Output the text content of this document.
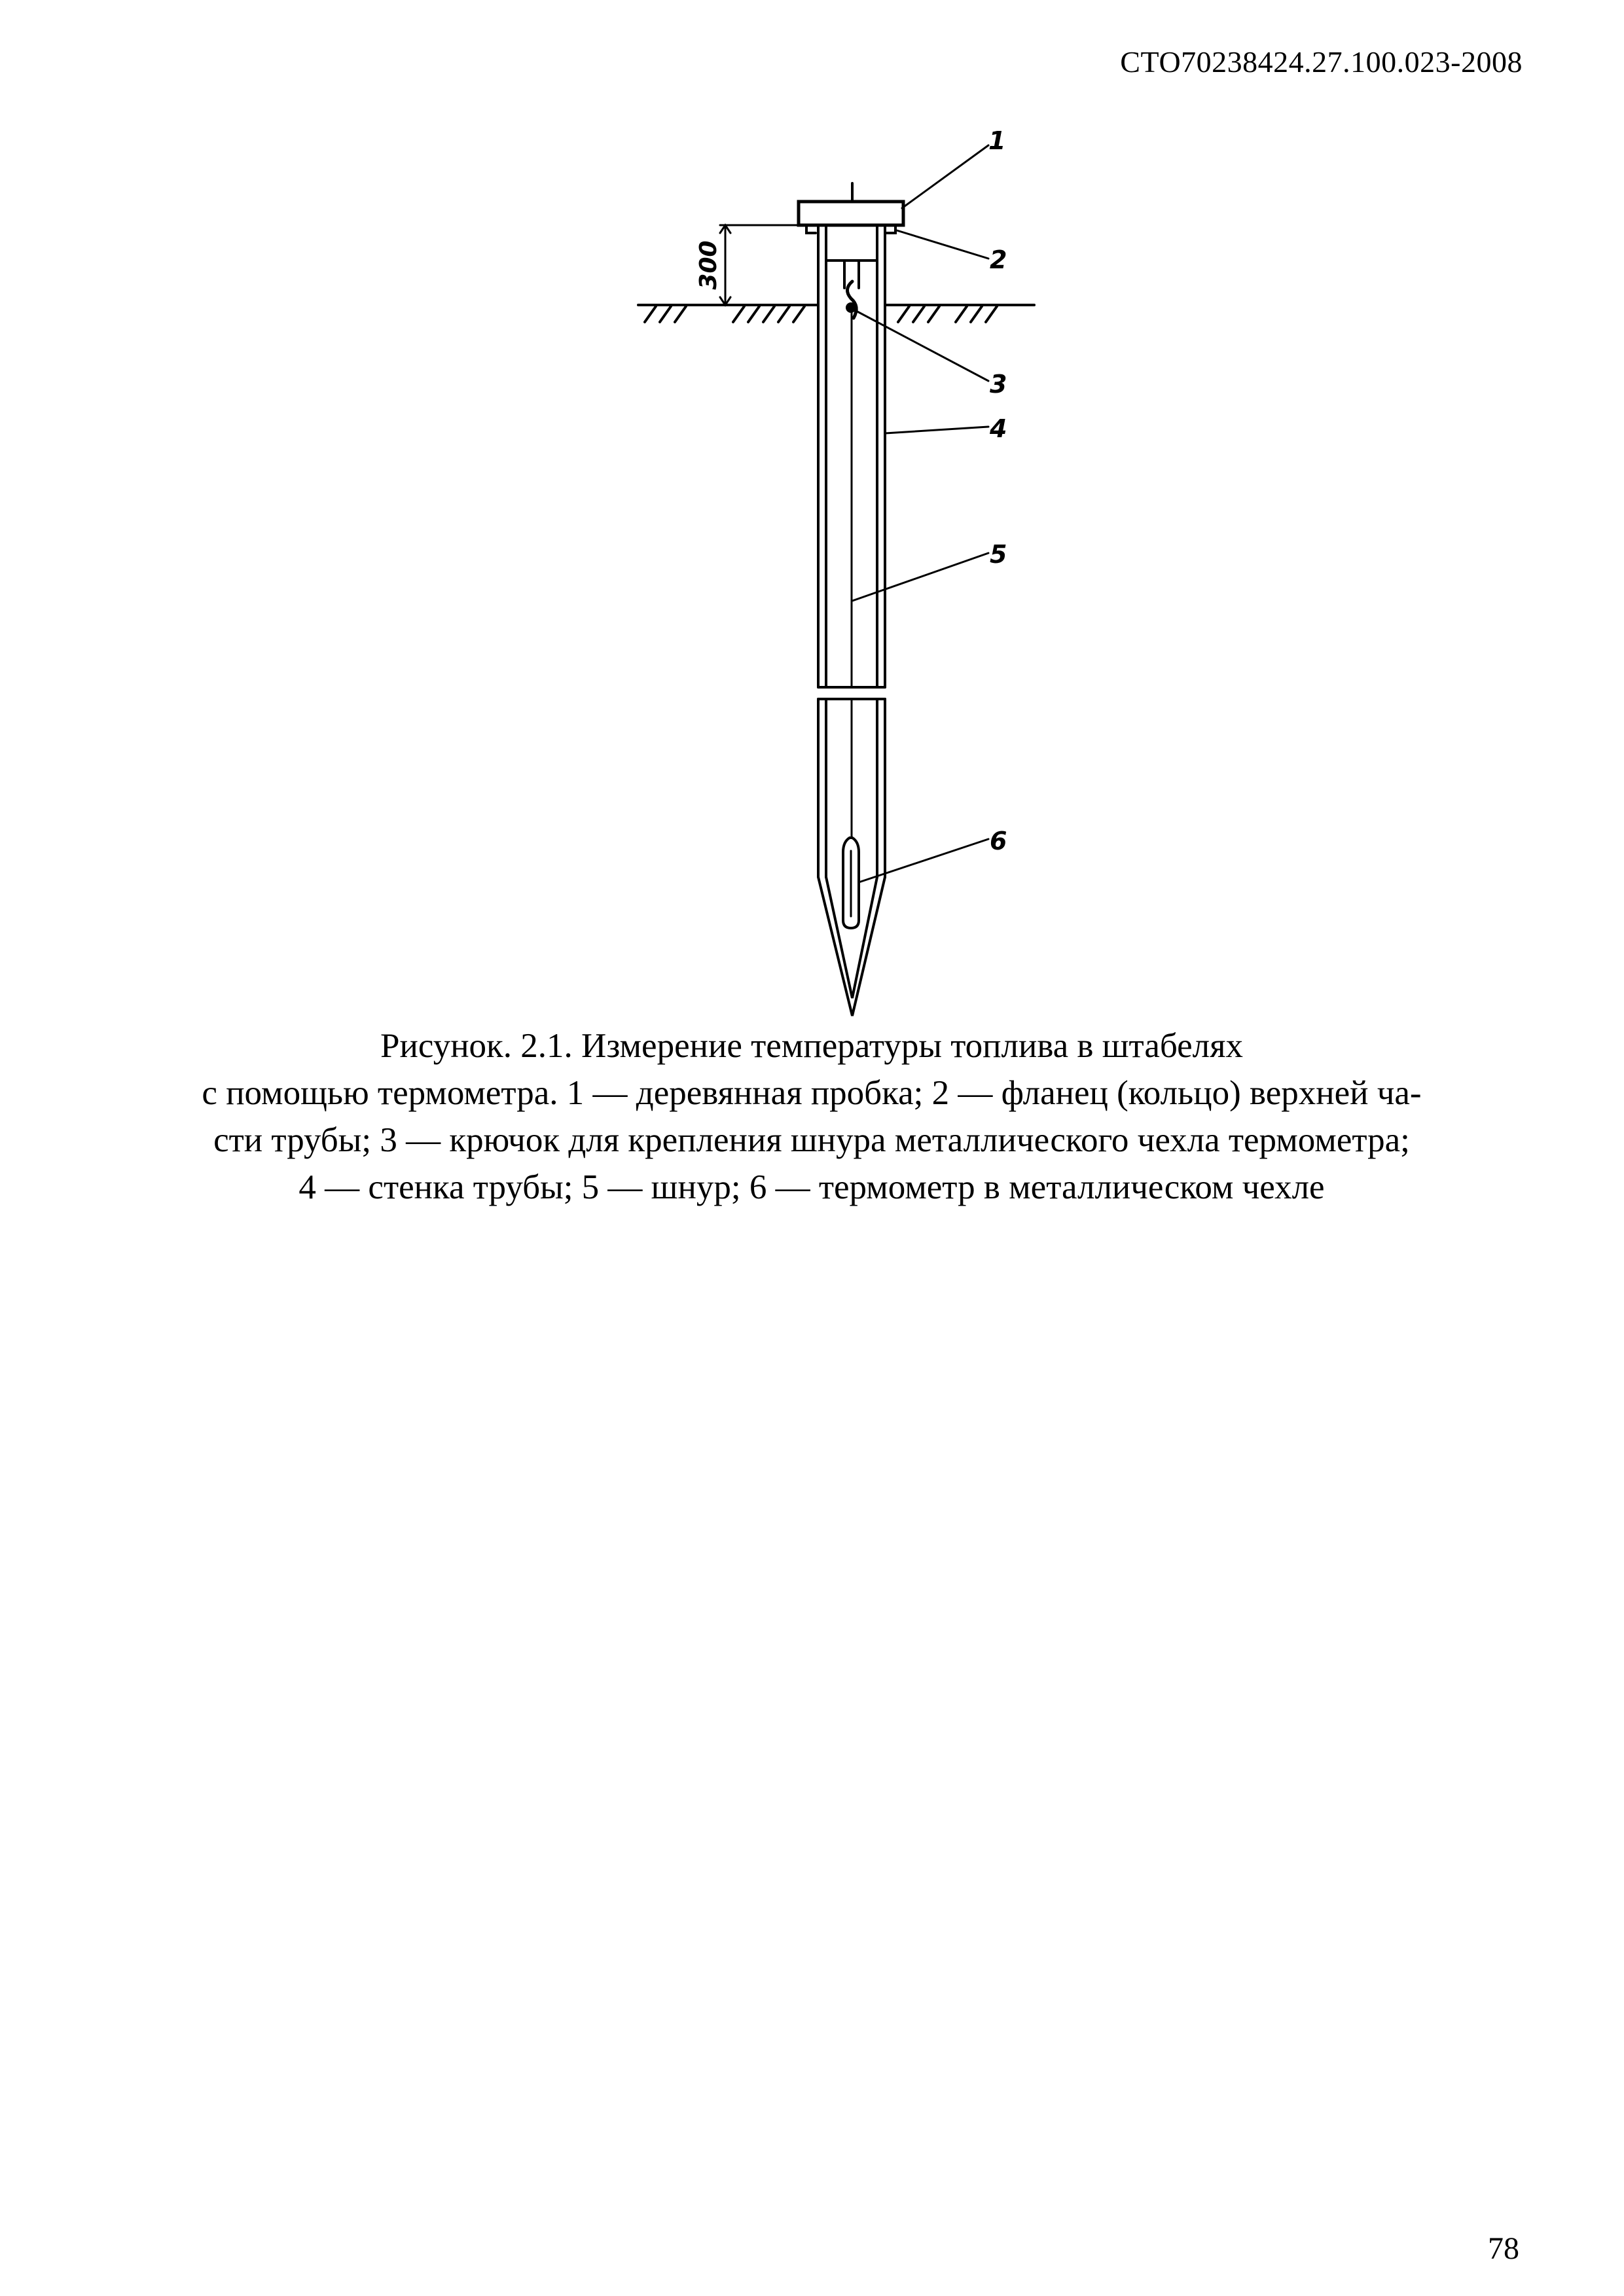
СТО70238424.27.100.023-2008
1
2
3
4
5
6
300
Рисунок. 2.1. Измерение температуры топлива в штабелях
с помощью термометра. 1 — деревянная пробка; 2 — фланец (кольцо) верхней ча-
сти трубы; 3 — крючок для крепления шнура металлического чехла термометра;
4 — стенка трубы; 5 — шнур; 6 — термометр в металлическом чехле
78
